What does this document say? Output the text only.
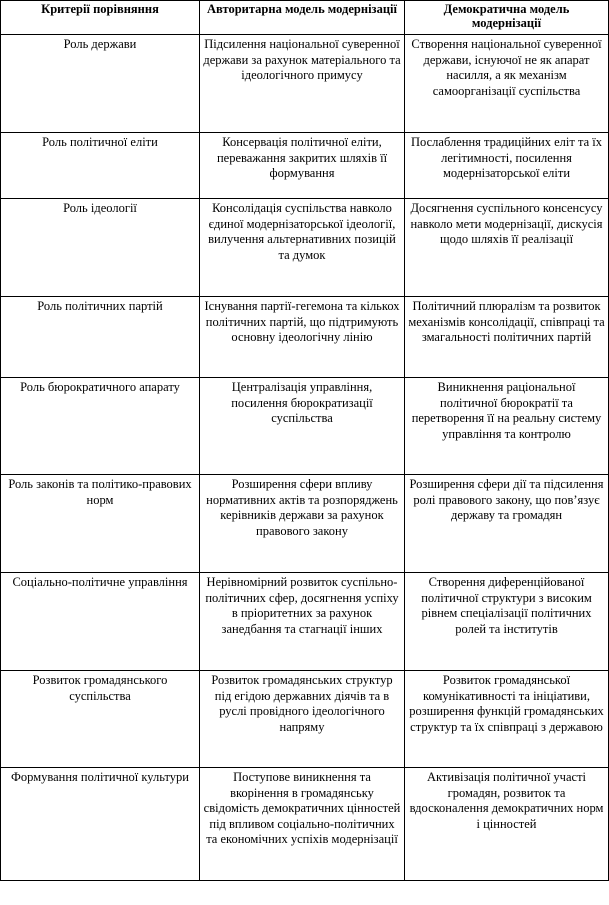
Критерії порівняння	Авторитарна модель модернізації	Демократична модель модернізації
Роль держави	Підсилення національної суверенної держави за рахунок матеріального та ідеологічного примусу	Створення національної суверенної держави, існуючої не як апарат насилля, а як механізм самоорганізації суспільства
Роль політичної еліти	Консервація політичної еліти, переважання закритих шляхів її формування	Послаблення традиційних еліт та їх легітимності, посилення модернізаторської еліти
Роль ідеології	Консолідація суспільства навколо єдиної модернізаторської ідеології, вилучення альтернативних позицій та думок	Досягнення суспільного консенсусу навколо мети модернізації, дискусія щодо шляхів її реалізації
Роль політичних партій	Існування партії-гегемона та кількох політичних партій, що підтримують основну ідеологічну лінію	Політичний плюралізм та розвиток механізмів консолідації, співпраці та змагальності політичних партій
Роль бюрократичного апарату	Централізація управління, посилення бюрократизації суспільства	Виникнення раціональної політичної бюрократії та перетворення її на реальну систему управління та контролю
Роль законів та політико-правових норм	Розширення сфери впливу нормативних актів та розпоряджень керівників держави за рахунок правового закону	Розширення сфери дії та підсилення ролі правового закону, що пов’язує державу та громадян
Соціально-політичне управління	Нерівномірний розвиток суспільно-політичних сфер, досягнення успіху в пріоритетних за рахунок занедбання та стагнації інших	Створення диференційованої політичної структури з високим рівнем спеціалізації політичних ролей та інститутів
Розвиток громадянського суспільства	Розвиток громадянських структур під егідою державних діячів та в руслі провідного ідеологічного напряму	Розвиток громадянської комунікативності та ініціативи, розширення функцій громадянських структур та їх співпраці з державою
Формування політичної культури	Поступове виникнення та вкорінення в громадянську свідомість демократичних цінностей під впливом соціально-політичних та економічних успіхів модернізації	Активізація політичної участі громадян, розвиток та вдосконалення демократичних норм і цінностей
